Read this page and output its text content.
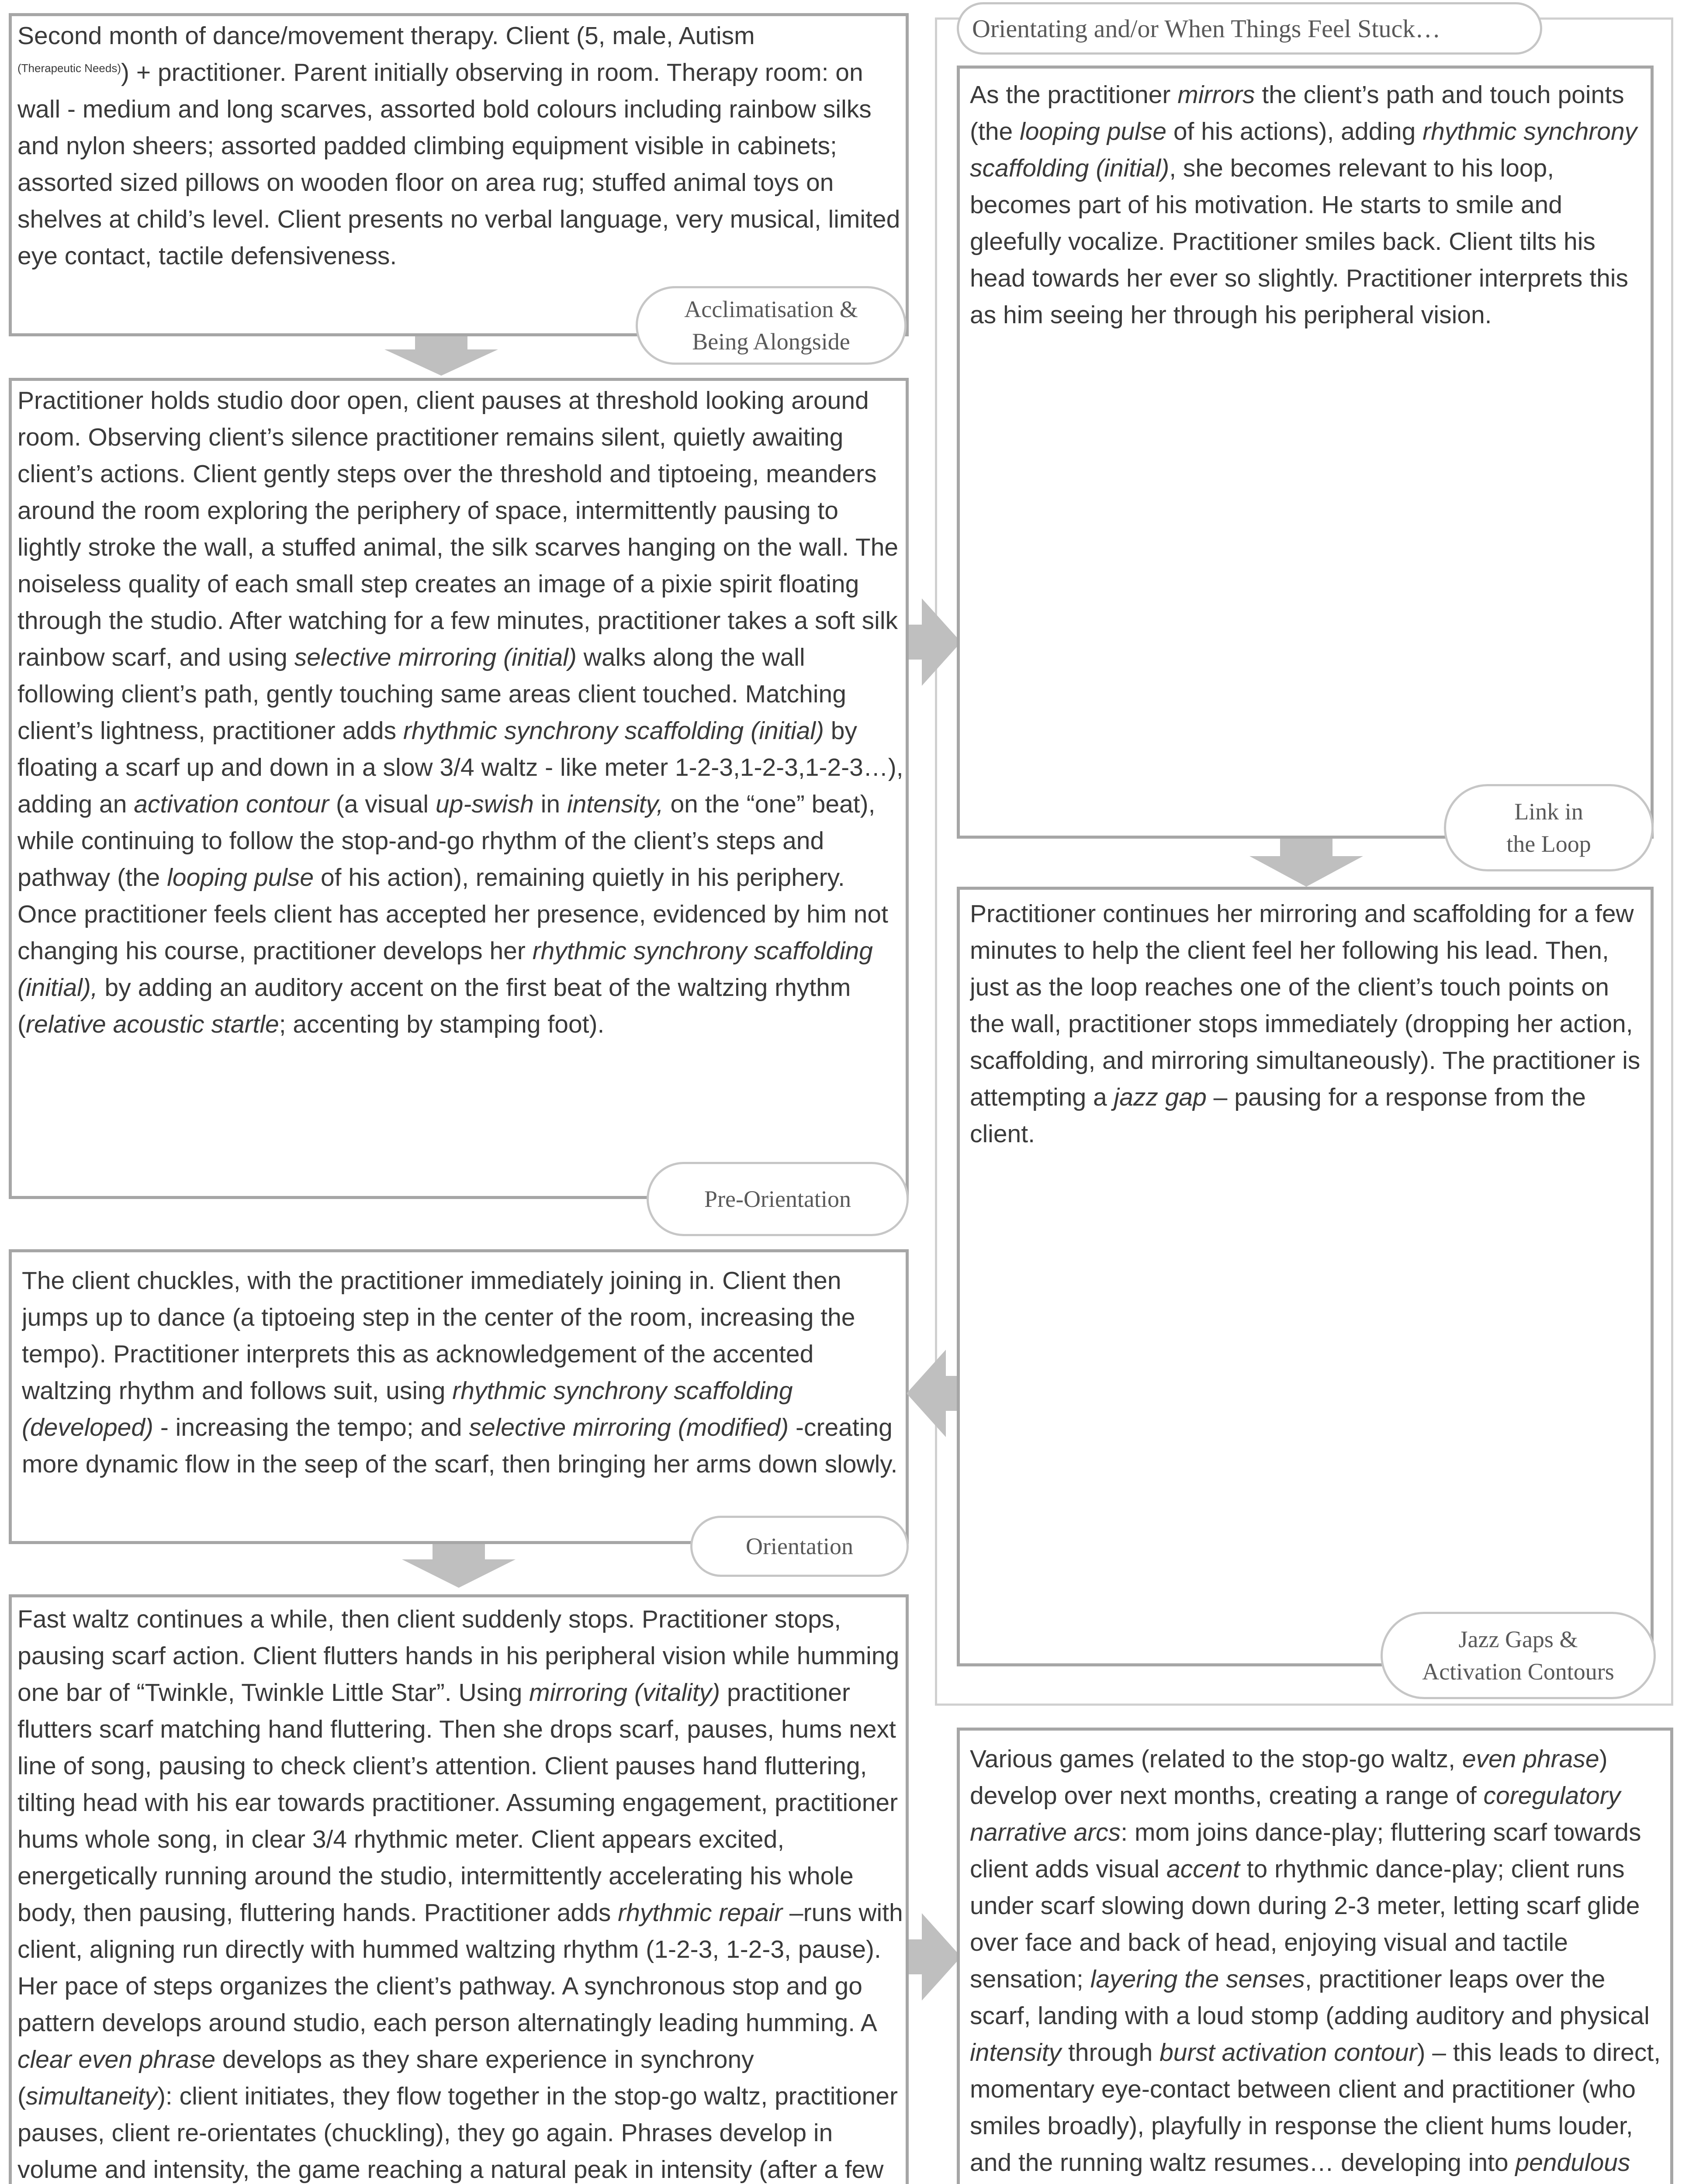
Second month of dance/movement therapy. Client (5, male, Autism
$^{(Therapeutic Needs)}$) + practitioner. Parent initially observing in room. Therapy room: on wall - medium and long scarves, assorted bold colours including rainbow silks and nylon sheers; assorted padded climbing equipment visible in cabinets; assorted sized pillows on wooden floor on area rug; stuffed animal toys on shelves at child’s level. Client presents no verbal language, very musical, limited eye contact, tactile defensiveness.

Acclimatisation &
Being Alongside

Practitioner holds studio door open, client pauses at threshold looking around room. Observing client’s silence practitioner remains silent, quietly awaiting client’s actions. Client gently steps over the threshold and tiptoeing, meanders around the room exploring the periphery of space, intermittently pausing to lightly stroke the wall, a stuffed animal, the silk scarves hanging on the wall. The noiseless quality of each small step creates an image of a pixie spirit floating through the studio. After watching for a few minutes, practitioner takes a soft silk rainbow scarf, and using selective mirroring (initial) walks along the wall following client’s path, gently touching same areas client touched. Matching client’s lightness, practitioner adds rhythmic synchrony scaffolding (initial) by floating a scarf up and down in a slow 3/4 waltz - like meter 1-2-3,1-2-3,1-2-3…), adding an activation contour (a visual up-swish in intensity, on the “one” beat), while continuing to follow the stop-and-go rhythm of the client’s steps and pathway (the looping pulse of his action), remaining quietly in his periphery. Once practitioner feels client has accepted her presence, evidenced by him not changing his course, practitioner develops her rhythmic synchrony scaffolding (initial), by adding an auditory accent on the first beat of the waltzing rhythm (relative acoustic startle; accenting by stamping foot).

Pre-Orientation

The client chuckles, with the practitioner immediately joining in. Client then jumps up to dance (a tiptoeing step in the center of the room, increasing the tempo). Practitioner interprets this as acknowledgement of the accented waltzing rhythm and follows suit, using rhythmic synchrony scaffolding (developed) - increasing the tempo; and selective mirroring (modified) -creating more dynamic flow in the seep of the scarf, then bringing her arms down slowly.

Orientation

Fast waltz continues a while, then client suddenly stops. Practitioner stops, pausing scarf action. Client flutters hands in his peripheral vision while humming one bar of “Twinkle, Twinkle Little Star”. Using mirroring (vitality) practitioner flutters scarf matching hand fluttering. Then she drops scarf, pauses, hums next line of song, pausing to check client’s attention. Client pauses hand fluttering, tilting head with his ear towards practitioner. Assuming engagement, practitioner hums whole song, in clear 3/4 rhythmic meter. Client appears excited, energetically running around the studio, intermittently accelerating his whole body, then pausing, fluttering hands. Practitioner adds rhythmic repair –runs with client, aligning run directly with hummed waltzing rhythm (1-2-3, 1-2-3, pause). Her pace of steps organizes the client’s pathway. A synchronous stop and go pattern develops around studio, each person alternatingly leading humming. A clear even phrase develops as they share experience in synchrony (simultaneity): client initiates, they flow together in the stop-go waltz, practitioner pauses, client re-orientates (chuckling), they go again. Phrases develop in volume and intensity, the game reaching a natural peak in intensity (after a few

Orientating and/or When Things Feel Stuck…

As the practitioner mirrors the client’s path and touch points (the looping pulse of his actions), adding rhythmic synchrony scaffolding (initial), she becomes relevant to his loop, becomes part of his motivation. He starts to smile and gleefully vocalize. Practitioner smiles back. Client tilts his head towards her ever so slightly. Practitioner interprets this as him seeing her through his peripheral vision.

Link in
the Loop

Practitioner continues her mirroring and scaffolding for a few minutes to help the client feel her following his lead. Then, just as the loop reaches one of the client’s touch points on the wall, practitioner stops immediately (dropping her action, scaffolding, and mirroring simultaneously). The practitioner is attempting a jazz gap – pausing for a response from the client.

Jazz Gaps &
Activation Contours

Various games (related to the stop-go waltz, even phrase) develop over next months, creating a range of coregulatory narrative arcs: mom joins dance-play; fluttering scarf towards client adds visual accent to rhythmic dance-play; client runs under scarf slowing down during 2-3 meter, letting scarf glide over face and back of head, enjoying visual and tactile sensation; layering the senses, practitioner leaps over the scarf, landing with a loud stomp (adding auditory and physical intensity through burst activation contour) – this leads to direct, momentary eye-contact between client and practitioner (who smiles broadly), playfully in response the client hums louder, and the running waltz resumes… developing into pendulous
